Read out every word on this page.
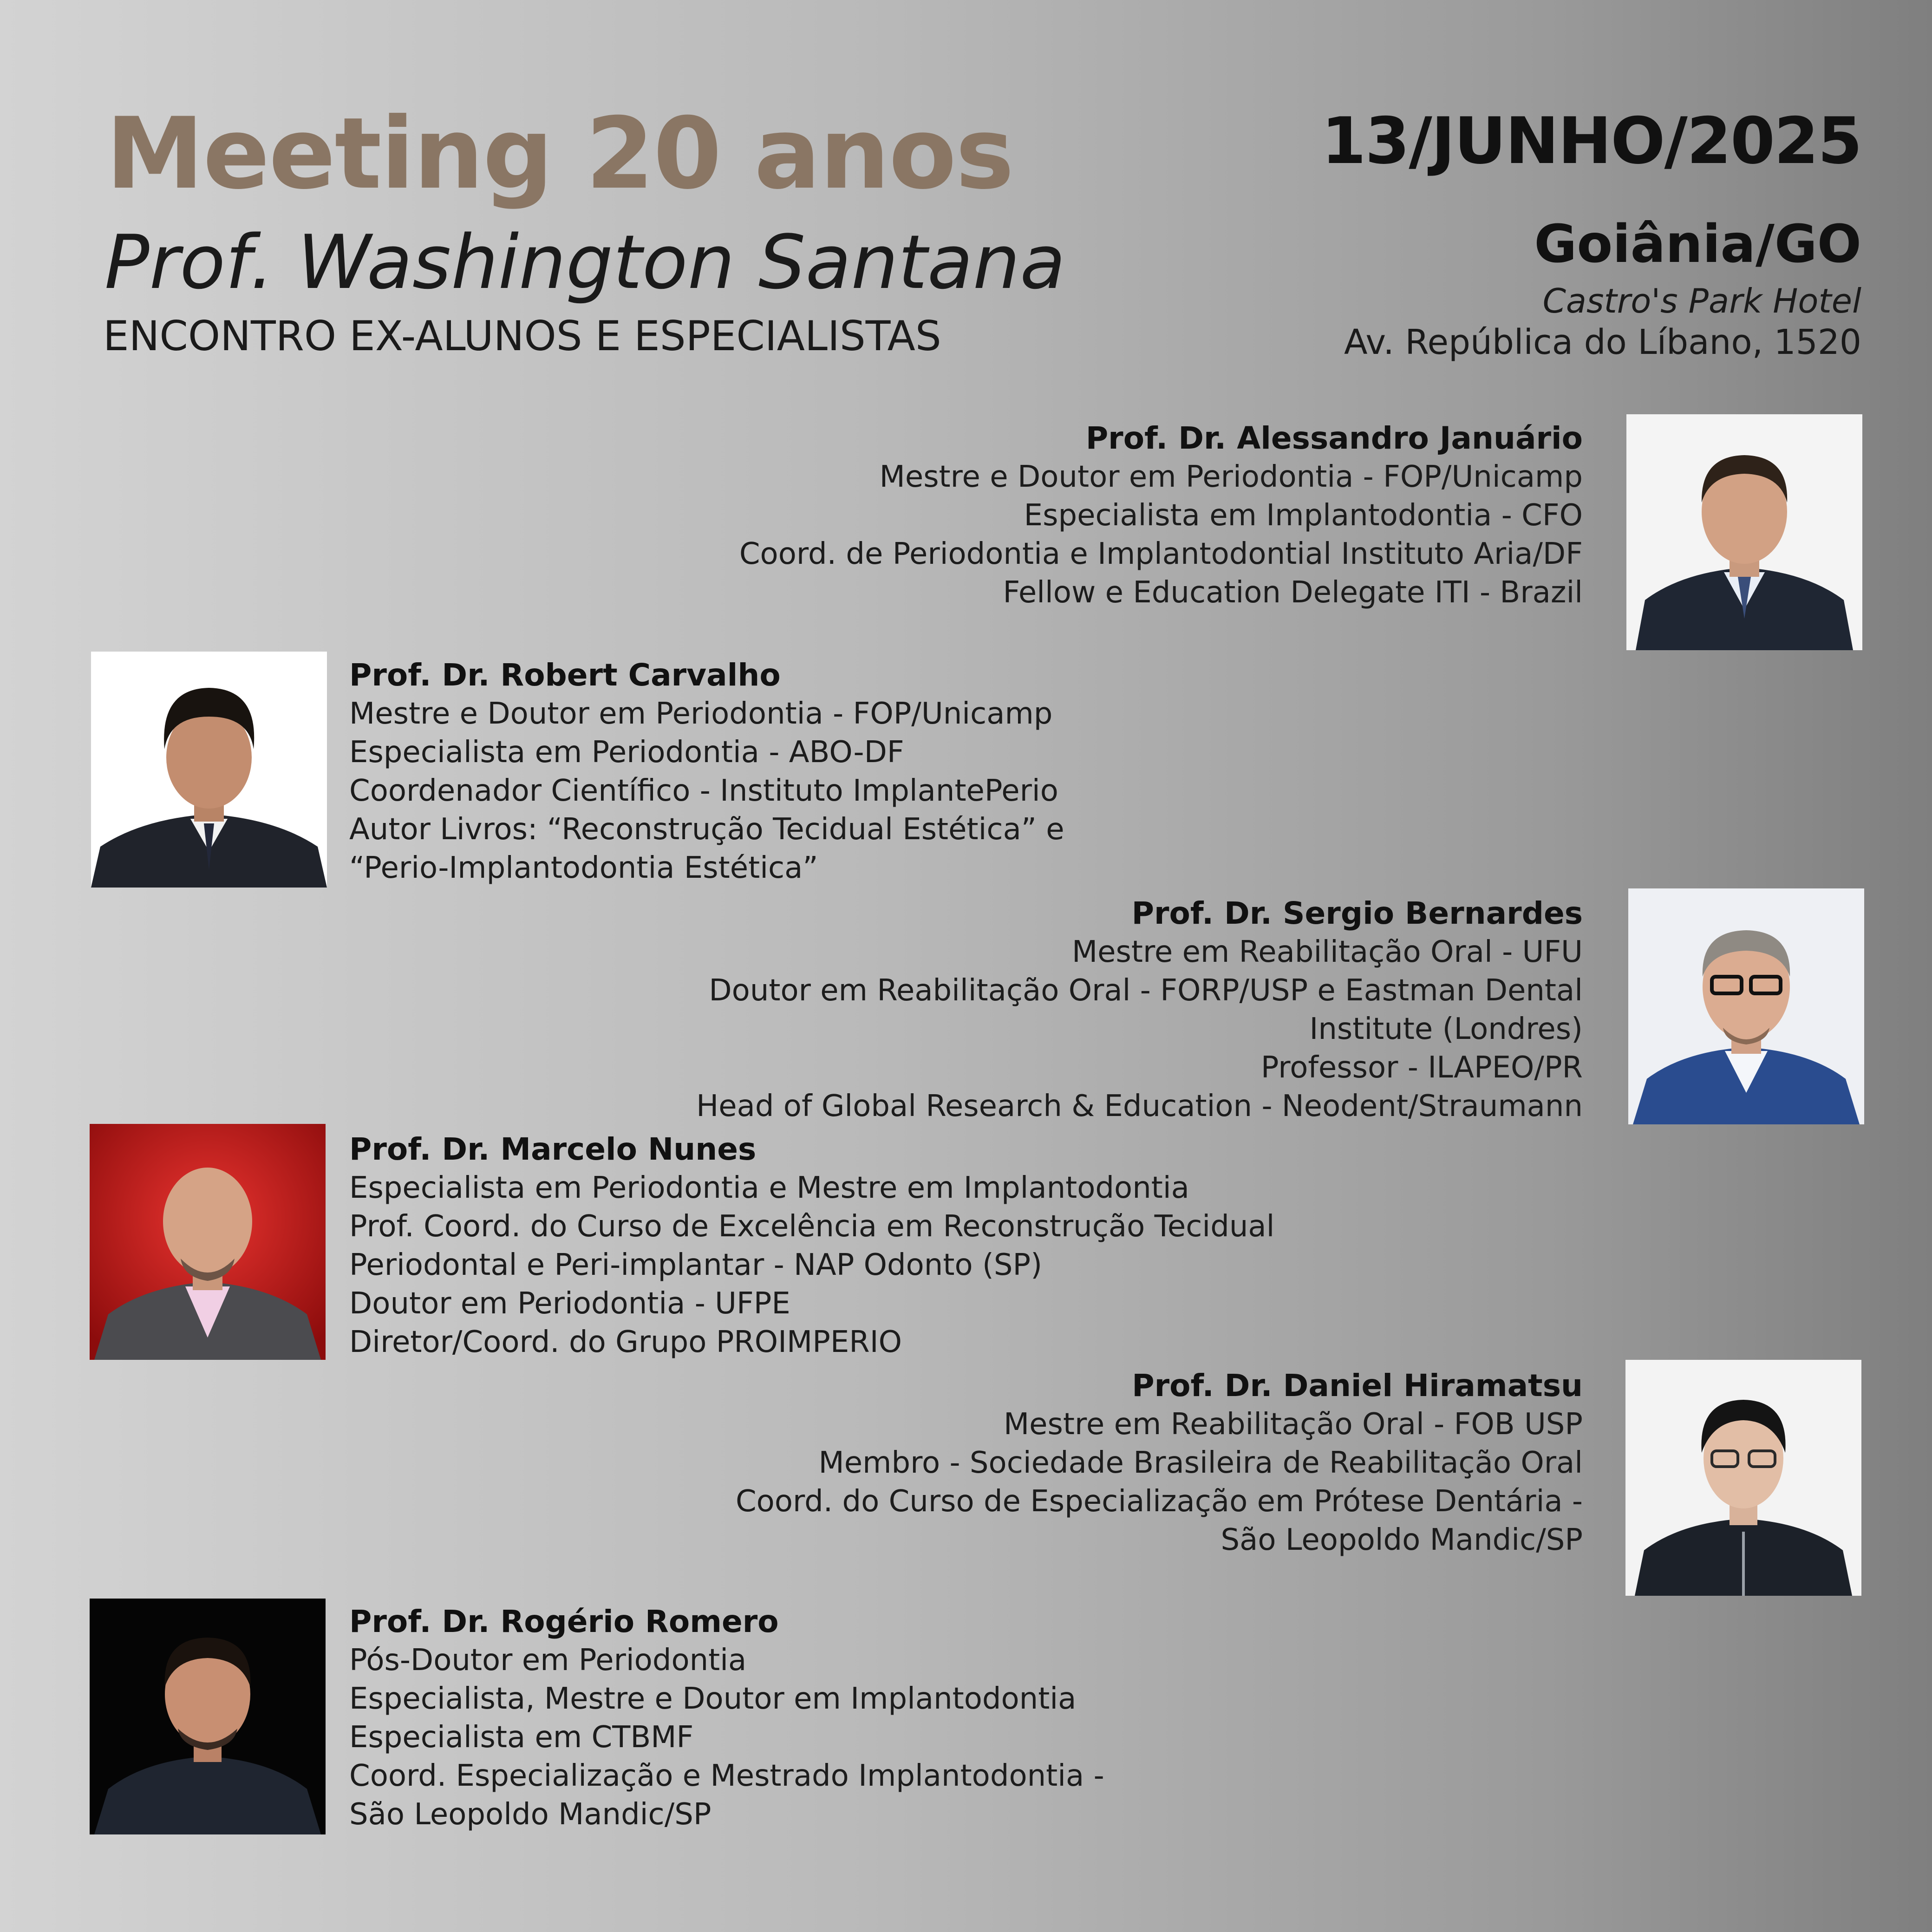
Meeting 20 anos
Prof. Washington Santana
ENCONTRO EX-ALUNOS E ESPECIALISTAS
13/JUNHO/2025
Goiânia/GO
Castro's Park Hotel
Av. República do Líbano, 1520
Prof. Dr. Alessandro Januário
Mestre e Doutor em Periodontia - FOP/Unicamp
Especialista em Implantodontia - CFO
Coord. de Periodontia e Implantodontial Instituto Aria/DF
Fellow e Education Delegate ITI - Brazil
Prof. Dr. Robert Carvalho
Mestre e Doutor em Periodontia - FOP/Unicamp
Especialista em Periodontia - ABO-DF
Coordenador Científico - Instituto ImplantePerio
Autor Livros: “Reconstrução Tecidual Estética” e
“Perio-Implantodontia Estética”
Prof. Dr. Sergio Bernardes
Mestre em Reabilitação Oral - UFU
Doutor em Reabilitação Oral - FORP/USP e Eastman Dental
Institute (Londres)
Professor - ILAPEO/PR
Head of Global Research & Education - Neodent/Straumann
Prof. Dr. Marcelo Nunes
Especialista em Periodontia e Mestre em Implantodontia
Prof. Coord. do Curso de Excelência em Reconstrução Tecidual
Periodontal e Peri-implantar - NAP Odonto (SP)
Doutor em Periodontia - UFPE
Diretor/Coord. do Grupo PROIMPERIO
Prof. Dr. Daniel Hiramatsu
Mestre em Reabilitação Oral - FOB USP
Membro - Sociedade Brasileira de Reabilitação Oral
Coord. do Curso de Especialização em Prótese Dentária -
São Leopoldo Mandic/SP
Prof. Dr. Rogério Romero
Pós-Doutor em Periodontia
Especialista, Mestre e Doutor em Implantodontia
Especialista em CTBMF
Coord. Especialização e Mestrado Implantodontia -
São Leopoldo Mandic/SP
